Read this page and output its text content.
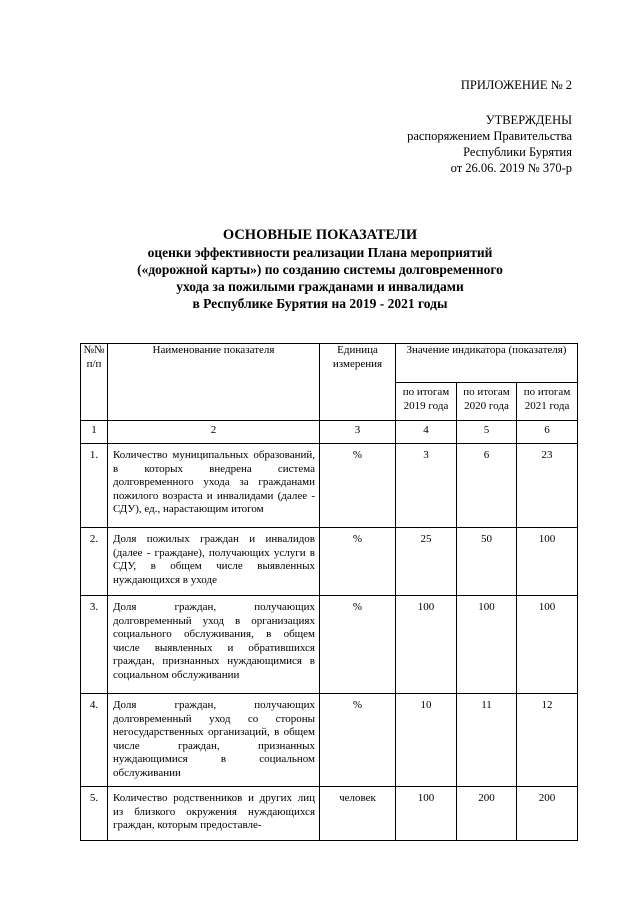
ПРИЛОЖЕНИЕ № 2
УТВЕРЖДЕНЫ
распоряжением Правительства
Республики Бурятия
от 26.06. 2019 № 370-р
ОСНОВНЫЕ ПОКАЗАТЕЛИ
оценки эффективности реализации Плана мероприятий
(«дорожной карты») по созданию системы долговременного
ухода за пожилыми гражданами и инвалидами
в Республике Бурятия на 2019 - 2021 годы
№№ п/п	Наименование показателя	Единица измерения	Значение индикатора (показателя)		
			по итогам 2019 года	по итогам 2020 года	по итогам 2021 года
1	2	3	4	5	6
1.	Количество муниципальных образований, в которых внедрена система долговременного ухода за гражданами пожилого возраста и инвалидами (далее - СДУ), ед., нарастающим итогом	%	3	6	23
2.	Доля пожилых граждан и инвалидов (далее - граждане), получающих услуги в СДУ, в общем числе выявленных нуждающихся в уходе	%	25	50	100
3.	Доля граждан, получающих долговременный уход в организациях социального обслуживания, в общем числе выявленных и обратившихся граждан, признанных нуждающимися в социальном обслуживании	%	100	100	100
4.	Доля граждан, получающих долговременный уход со стороны негосударственных организаций, в общем числе граждан, признанных нуждающимися в социальном обслуживании	%	10	11	12
5.	Количество родственников и других лиц из близкого окружения нуждающихся граждан, которым предоставле-	человек	100	200	200
